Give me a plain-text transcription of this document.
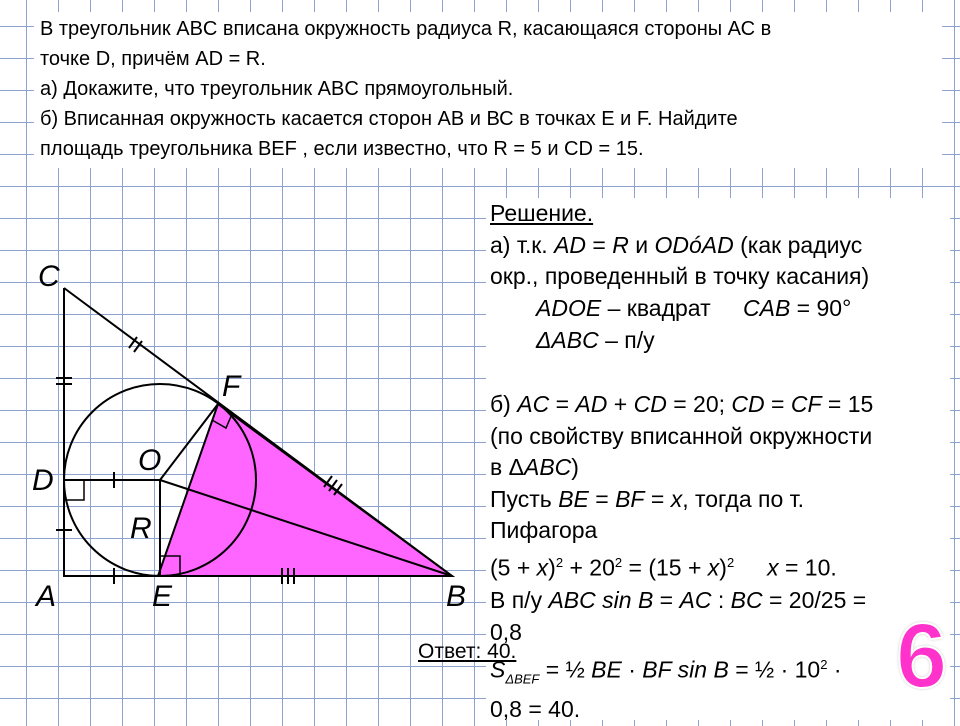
В треугольник ABC вписана окружность радиуса R, касающаяся стороны АС в
точке D, причём AD = R.
а) Докажите, что треугольник ABC прямоугольный.
б) Вписанная окружность касается сторон АВ и ВС в точках Е и F. Найдите
площадь треугольника BEF , если известно, что R = 5 и CD = 15.
C
F
O
D
R
A	E	B
Решение.
а) т.к. AD = R и ODóAD (как радиус
окр., проведенный в точку касания)
ADOE – квадрат CAB = 90°
ΔABC – п/у

б) AC = AD + CD = 20; CD = CF = 15
(по свойству вписанной окружности
в ΔABC)
Пусть BE = BF = x, тогда по т.
Пифагора
$(5 + x)^2 + 20^2 = (15 + x)^2$ x = 10.
В п/у ABC sin B = AC : BC = 20/25 =
0,8
$S_{\Delta BEF}$ = ½ BE · BF sin B = ½ · $10^2$ ·
0,8 = 40.
Ответ: 40.	6
